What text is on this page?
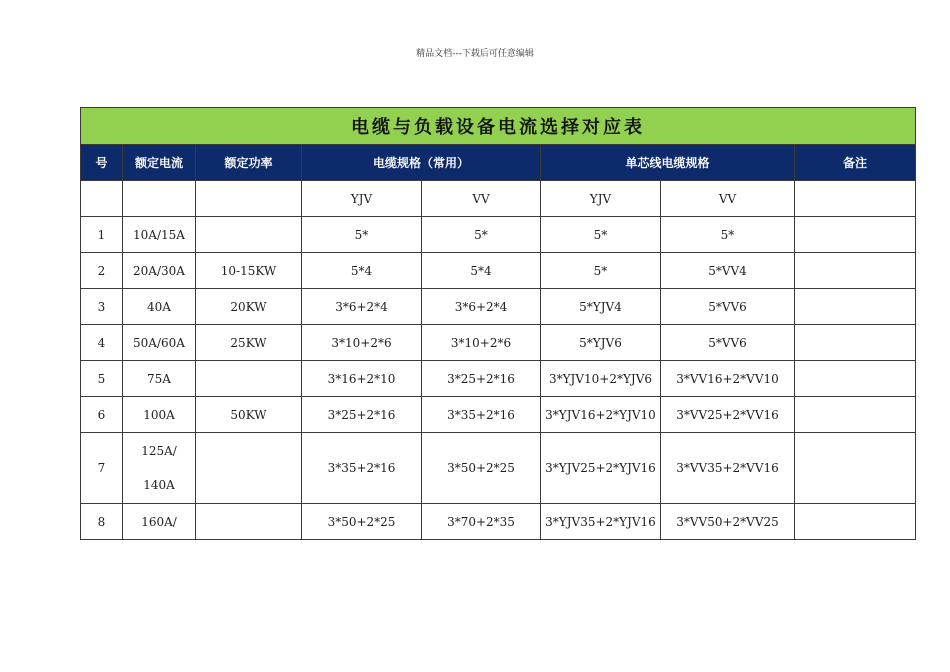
精品文档---下载后可任意编辑
电缆与负载设备电流选择对应表							
号	额定电流	额定功率	电缆规格（常用）		单芯线电缆规格		备注
			YJV	VV	YJV	VV	
1	10A/15A		5*	5*	5*	5*	
2	20A/30A	10-15KW	5*4	5*4	5*	5*VV4	
3	40A	20KW	3*6+2*4	3*6+2*4	5*YJV4	5*VV6	
4	50A/60A	25KW	3*10+2*6	3*10+2*6	5*YJV6	5*VV6	
5	75A		3*16+2*10	3*25+2*16	3*YJV10+2*YJV6	3*VV16+2*VV10	
6	100A	50KW	3*25+2*16	3*35+2*16	3*YJV16+2*YJV10	3*VV25+2*VV16	
7	125A/
140A		3*35+2*16	3*50+2*25	3*YJV25+2*YJV16	3*VV35+2*VV16	
8	160A/		3*50+2*25	3*70+2*35	3*YJV35+2*YJV16	3*VV50+2*VV25	
